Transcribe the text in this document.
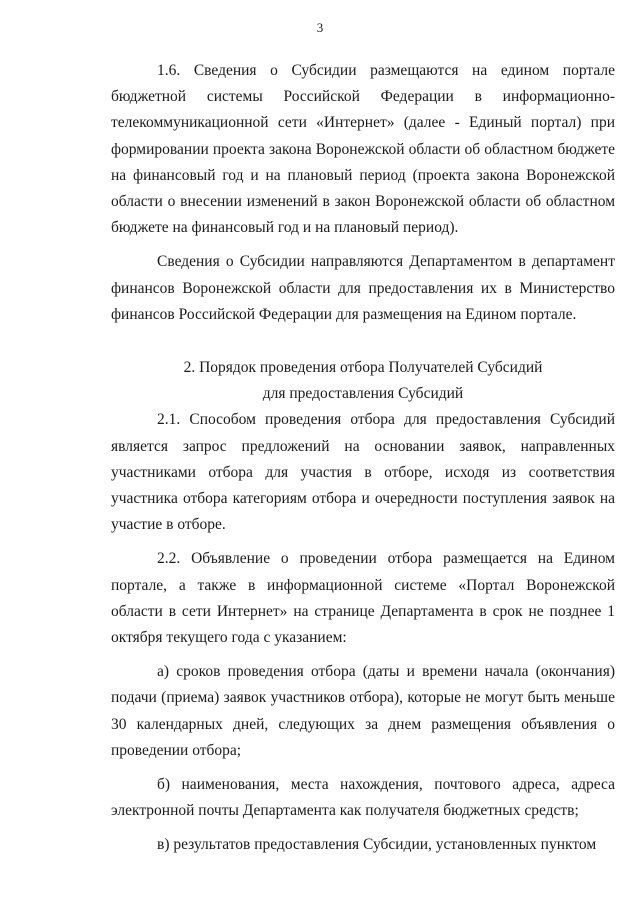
3

1.6. Сведения о Субсидии размещаются на едином портале бюджетной системы Российской Федерации в информационно-телекоммуникационной сети «Интернет» (далее - Единый портал) при формировании проекта закона Воронежской области об областном бюджете на финансовый год и на плановый период (проекта закона Воронежской области о внесении изменений в закон Воронежской области об областном бюджете на финансовый год и на плановый период).

Сведения о Субсидии направляются Департаментом в департамент финансов Воронежской области для предоставления их в Министерство финансов Российской Федерации для размещения на Едином портале.

2. Порядок проведения отбора Получателей Субсидий

для предоставления Субсидий

2.1. Способом проведения отбора для предоставления Субсидий является запрос предложений на основании заявок, направленных участниками отбора для участия в отборе, исходя из соответствия участника отбора категориям отбора и очередности поступления заявок на участие в отборе.

2.2. Объявление о проведении отбора размещается на Едином портале, а также в информационной системе «Портал Воронежской области в сети Интернет» на странице Департамента в срок не позднее 1 октября текущего года с указанием:

а) сроков проведения отбора (даты и времени начала (окончания) подачи (приема) заявок участников отбора), которые не могут быть меньше 30 календарных дней, следующих за днем размещения объявления о проведении отбора;

б) наименования, места нахождения, почтового адреса, адреса электронной почты Департамента как получателя бюджетных средств;

в) результатов предоставления Субсидии, установленных пунктом
